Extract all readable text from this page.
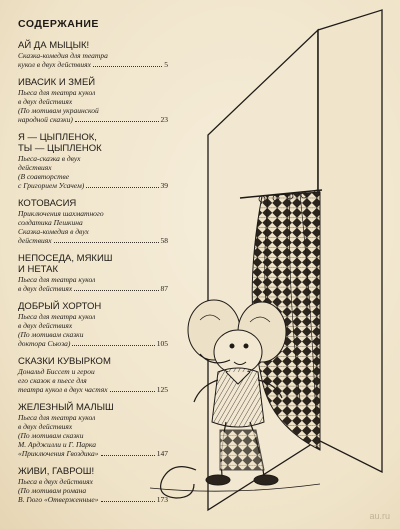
СОДЕРЖАНИЕ
АЙ ДА МЫЦЫК!
Сказка-комедия для театра
кукол в двух действиях	5
ИВАСИК И ЗМЕЙ
Пьеса для театра кукол
в двух действиях
(По мотивам украинской
народной сказки)	23
Я — ЦЫПЛЕНОК,
ТЫ — ЦЫПЛЕНОК
Пьеса-сказка в двух
действиях
(В соавторстве
с Григорием Усачем)	39
КОТОВАСИЯ
Приключения шахматного
солдатика Пешкина
Сказка-комедия в двух
действиях	58
НЕПОСЕДА, МЯКИШ
И НЕТАК
Пьеса для театра кукол
в двух действиях	87
ДОБРЫЙ ХОРТОН
Пьеса для театра кукол
в двух действиях
(По мотивам сказки
доктора Сьюза)	105
СКАЗКИ КУВЫРКОМ
Дональд Биссет и герои
его сказок в пьесе для
театра кукол в двух частях	125
ЖЕЛЕЗНЫЙ МАЛЫШ
Пьеса для театра кукол
в двух действиях
(По мотивам сказки
М. Арджилли и Г. Парка
«Приключения Гвоздика»	147
ЖИВИ, ГАВРОШ!
Пьеса в двух действиях
(По мотивам романа
В. Гюго «Отверженные»	173
au.ru
